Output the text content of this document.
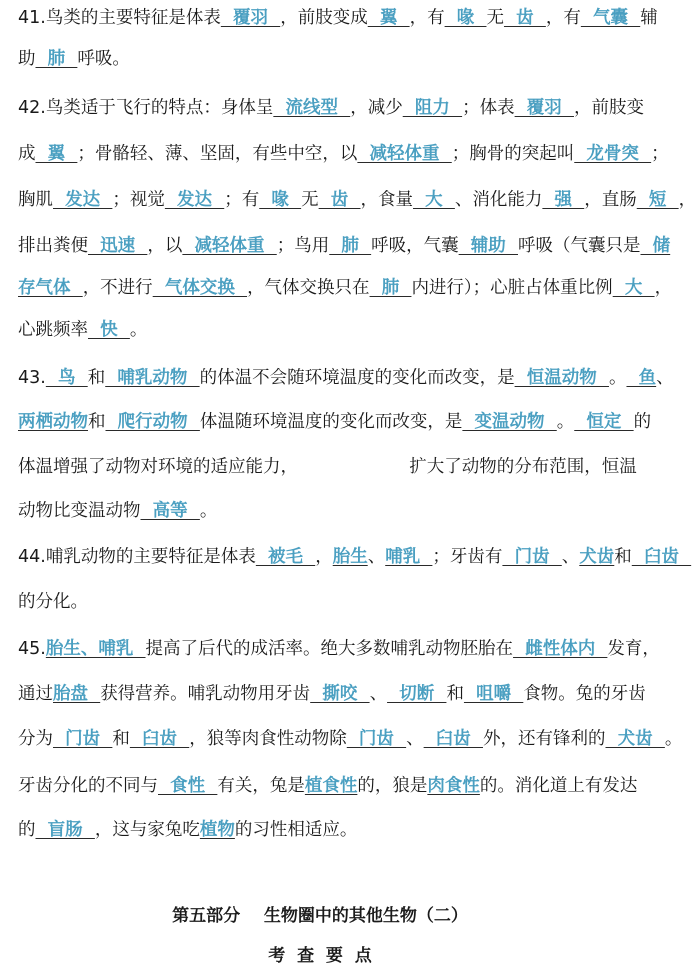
41.鸟类的主要特征是体表  覆羽  ，前肢变成  翼  ，有  喙  无  齿  ，有  气囊  辅
助  肺  呼吸。
42.鸟类适于飞行的特点：身体呈  流线型  ，减少  阻力  ；体表  覆羽  ，前肢变
成  翼  ；骨骼轻、薄、坚固，有些中空，以  减轻体重  ；胸骨的突起叫  龙骨突  ；
胸肌  发达  ；视觉  发达  ；有  喙  无  齿  ，食量  大  、消化能力  强  ，直肠  短  ，
排出粪便  迅速  ，以  减轻体重  ；鸟用  肺  呼吸，气囊  辅助  呼吸（气囊只是  储
存气体  ，不进行  气体交换  ，气体交换只在  肺  内进行）；心脏占体重比例  大  ，
心跳频率  快  。
43.  鸟  和  哺乳动物  的体温不会随环境温度的变化而改变，是  恒温动物  。  鱼、
两栖动物和  爬行动物  体温随环境温度的变化而改变，是  变温动物  。  恒定  的
体温增强了动物对环境的适应能力，                    扩大了动物的分布范围，恒温
动物比变温动物  高等  。
44.哺乳动物的主要特征是体表  被毛  ，胎生、哺乳  ；牙齿有  门齿  、犬齿和  臼齿
的分化。
45.胎生、哺乳  提高了后代的成活率。绝大多数哺乳动物胚胎在  雌性体内  发育，
通过胎盘  获得营养。哺乳动物用牙齿  撕咬  、  切断  和  咀嚼  食物。兔的牙齿
分为  门齿  和  臼齿  ，狼等肉食性动物除  门齿  、  臼齿  外，还有锋利的  犬齿  。
牙齿分化的不同与  食性  有关，兔是植食性的，狼是肉食性的。消化道上有发达
的  盲肠  ，这与家兔吃植物的习性相适应。
第五部分    生物圈中的其他生物（二）
考  查  要  点
